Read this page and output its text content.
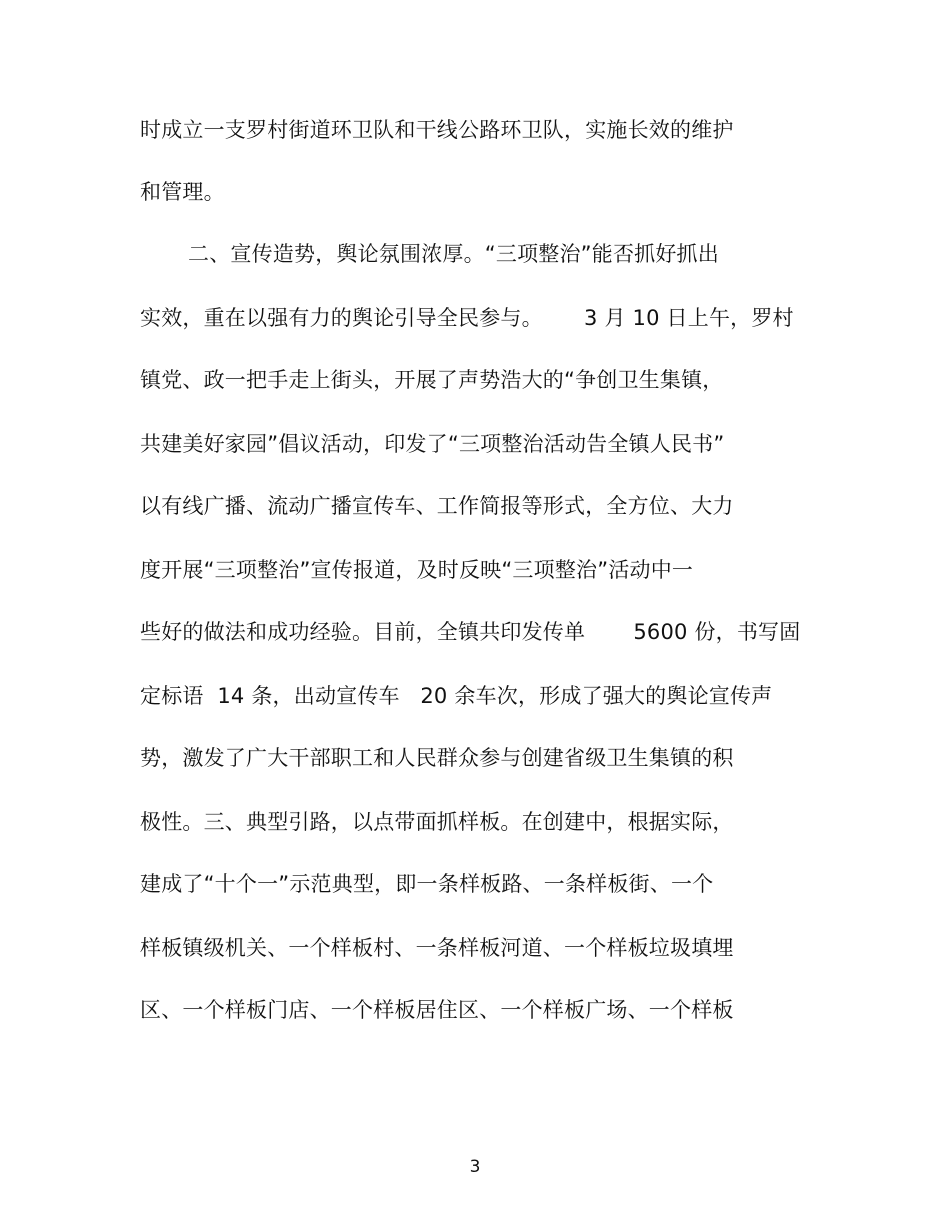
时成立一支罗村街道环卫队和干线公路环卫队，实施长效的维护
和管理。
二、宣传造势，舆论氛围浓厚。“三项整治”能否抓好抓出
实效，重在以强有力的舆论引导全民参与。      3 月 10 日上午，罗村
镇党、政一把手走上街头，开展了声势浩大的“争创卫生集镇，
共建美好家园”倡议活动，印发了“三项整治活动告全镇人民书”
以有线广播、流动广播宣传车、工作简报等形式，全方位、大力
度开展“三项整治”宣传报道，及时反映“三项整治”活动中一
些好的做法和成功经验。目前，全镇共印发传单       5600 份，书写固
定标语  14 条，出动宣传车   20 余车次，形成了强大的舆论宣传声
势，激发了广大干部职工和人民群众参与创建省级卫生集镇的积
极性。三、典型引路，以点带面抓样板。在创建中，根据实际，
建成了“十个一”示范典型，即一条样板路、一条样板街、一个
样板镇级机关、一个样板村、一条样板河道、一个样板垃圾填埋
区、一个样板门店、一个样板居住区、一个样板广场、一个样板
3
